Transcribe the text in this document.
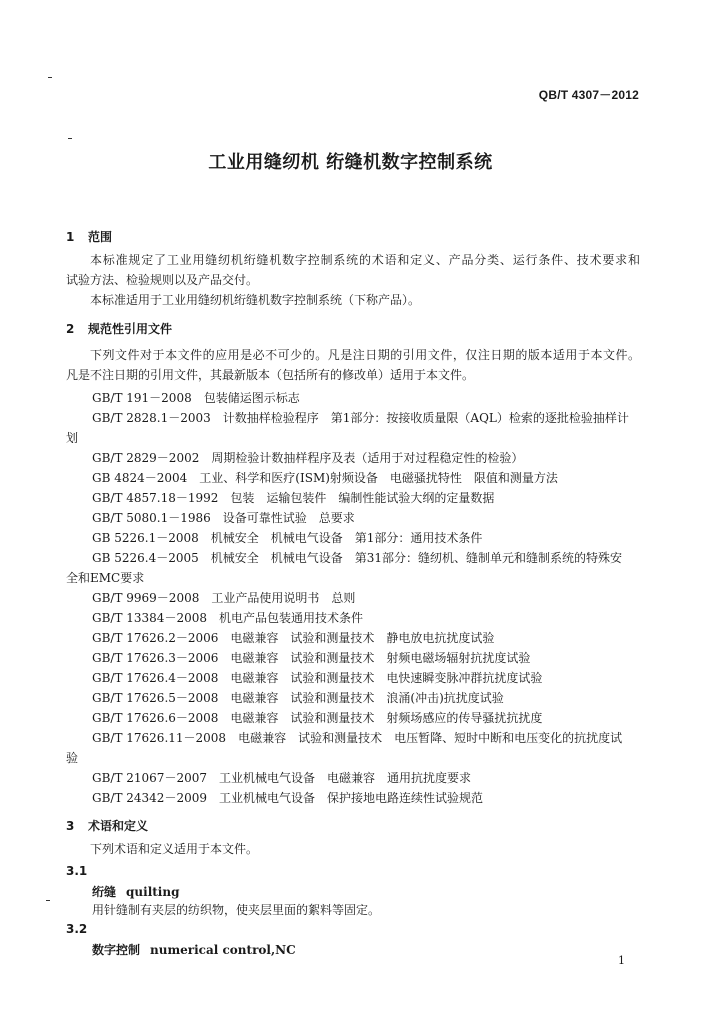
QB/T 4307－2012
工业用缝纫机 绗缝机数字控制系统
1 范围
本标准规定了工业用缝纫机绗缝机数字控制系统的术语和定义、产品分类、运行条件、技术要求和
试验方法、检验规则以及产品交付。
本标准适用于工业用缝纫机绗缝机数字控制系统（下称产品）。
2 规范性引用文件
下列文件对于本文件的应用是必不可少的。凡是注日期的引用文件，仅注日期的版本适用于本文件。
凡是不注日期的引用文件，其最新版本（包括所有的修改单）适用于本文件。
GB/T 191－2008　包装储运图示标志
GB/T 2828.1－2003　计数抽样检验程序　第1部分：按接收质量限（AQL）检索的逐批检验抽样计
划
GB/T 2829－2002　周期检验计数抽样程序及表（适用于对过程稳定性的检验）
GB 4824－2004　工业、科学和医疗(ISM)射频设备　电磁骚扰特性　限值和测量方法
GB/T 4857.18－1992　包装　运输包装件　编制性能试验大纲的定量数据
GB/T 5080.1－1986　设备可靠性试验　总要求
GB 5226.1－2008　机械安全　机械电气设备　第1部分：通用技术条件
GB 5226.4－2005　机械安全　机械电气设备　第31部分：缝纫机、缝制单元和缝制系统的特殊安
全和EMC要求
GB/T 9969－2008　工业产品使用说明书　总则
GB/T 13384－2008　机电产品包装通用技术条件
GB/T 17626.2－2006　电磁兼容　试验和测量技术　静电放电抗扰度试验
GB/T 17626.3－2006　电磁兼容　试验和测量技术　射频电磁场辐射抗扰度试验
GB/T 17626.4－2008　电磁兼容　试验和测量技术　电快速瞬变脉冲群抗扰度试验
GB/T 17626.5－2008　电磁兼容　试验和测量技术　浪涌(冲击)抗扰度试验
GB/T 17626.6－2008　电磁兼容　试验和测量技术　射频场感应的传导骚扰抗扰度
GB/T 17626.11－2008　电磁兼容　试验和测量技术　电压暂降、短时中断和电压变化的抗扰度试
验
GB/T 21067－2007　工业机械电气设备　电磁兼容　通用抗扰度要求
GB/T 24342－2009　工业机械电气设备　保护接地电路连续性试验规范
3 术语和定义
下列术语和定义适用于本文件。
3.1
绗缝 quilting
用针缝制有夹层的纺织物，使夹层里面的絮料等固定。
3.2
数字控制 numerical control,NC
1
